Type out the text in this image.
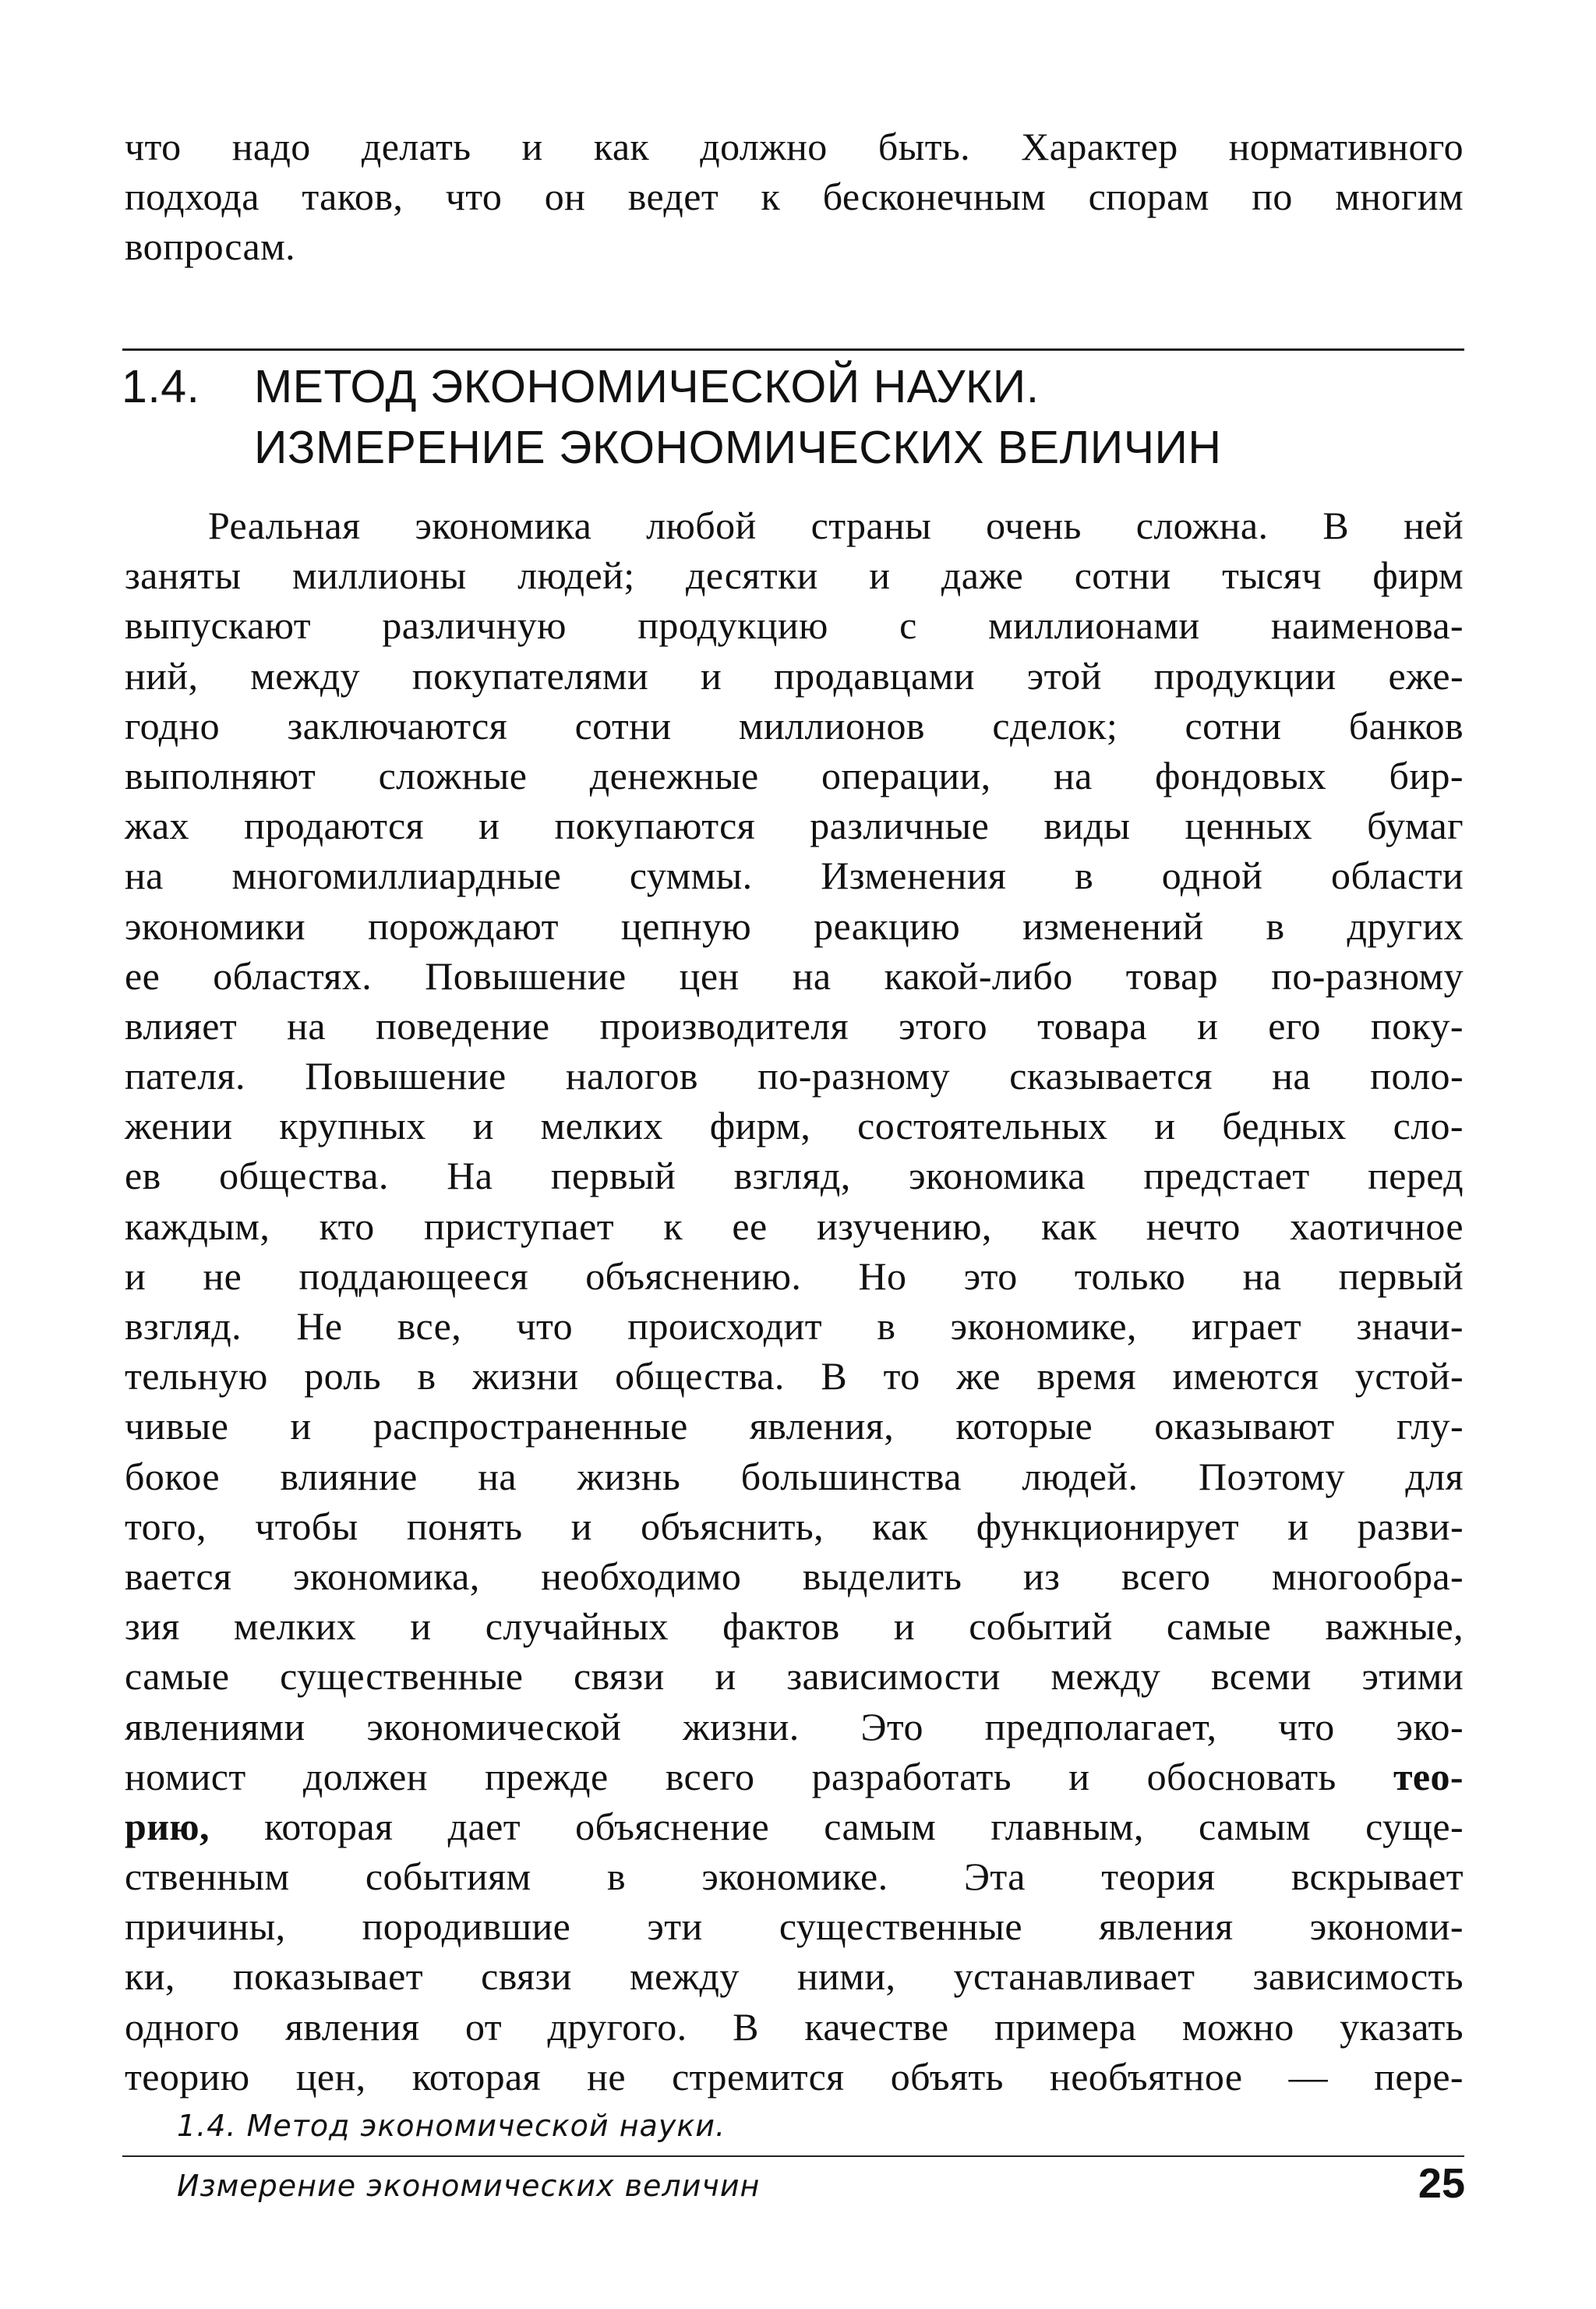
что надо делать и как должно быть. Характер нормативного
подхода таков, что он ведет к бесконечным спорам по многим
вопросам.
1.4. МЕТОД ЭКОНОМИЧЕСКОЙ НАУКИ.
ИЗМЕРЕНИЕ ЭКОНОМИЧЕСКИХ ВЕЛИЧИН
Реальная экономика любой страны очень сложна. В ней
заняты миллионы людей; десятки и даже сотни тысяч фирм
выпускают различную продукцию с миллионами наименова-
ний, между покупателями и продавцами этой продукции еже-
годно заключаются сотни миллионов сделок; сотни банков
выполняют сложные денежные операции, на фондовых бир-
жах продаются и покупаются различные виды ценных бумаг
на многомиллиардные суммы. Изменения в одной области
экономики порождают цепную реакцию изменений в других
ее областях. Повышение цен на какой-либо товар по-разному
влияет на поведение производителя этого товара и его поку-
пателя. Повышение налогов по-разному сказывается на поло-
жении крупных и мелких фирм, состоятельных и бедных сло-
ев общества. На первый взгляд, экономика предстает перед
каждым, кто приступает к ее изучению, как нечто хаотичное
и не поддающееся объяснению. Но это только на первый
взгляд. Не все, что происходит в экономике, играет значи-
тельную роль в жизни общества. В то же время имеются устой-
чивые и распространенные явления, которые оказывают глу-
бокое влияние на жизнь большинства людей. Поэтому для
того, чтобы понять и объяснить, как функционирует и разви-
вается экономика, необходимо выделить из всего многообра-
зия мелких и случайных фактов и событий самые важные,
самые существенные связи и зависимости между всеми этими
явлениями экономической жизни. Это предполагает, что эко-
номист должен прежде всего разработать и обосновать тео-
рию, которая дает объяснение самым главным, самым суще-
ственным событиям в экономике. Эта теория вскрывает
причины, породившие эти существенные явления экономи-
ки, показывает связи между ними, устанавливает зависимость
одного явления от другого. В качестве примера можно указать
теорию цен, которая не стремится объять необъятное — пере-
1.4. Метод экономической науки.
Измерение экономических величин	25
